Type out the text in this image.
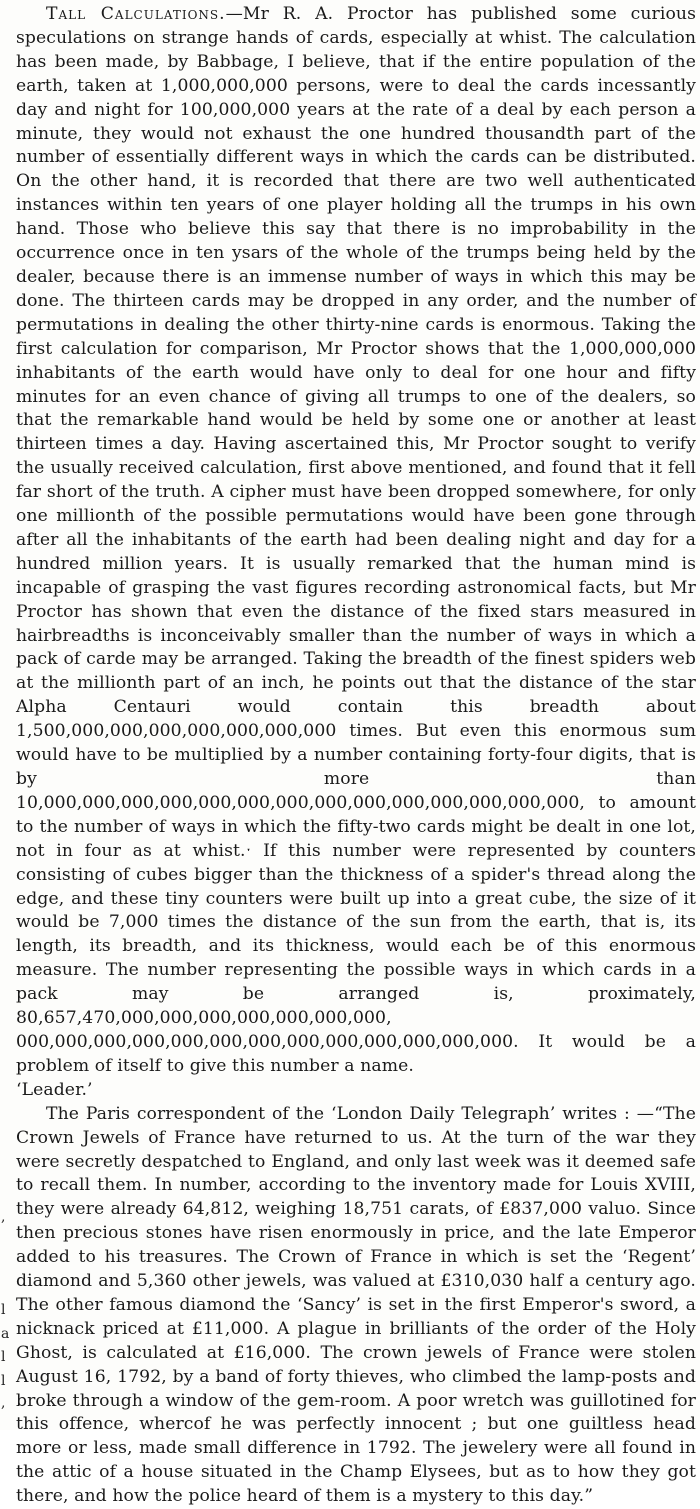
,
l
a
l
l
,

Tall Calculations.—Mr R. A. Proctor has published some curious speculations on strange hands of cards, especially at whist. The calculation has been made, by Babbage, I believe, that if the entire population of the earth, taken at 1,000,000,000 persons, were to deal the cards incessantly day and night for 100,000,000 years at the rate of a deal by each person a minute, they would not exhaust the one hundred thousandth part of the number of essentially different ways in which the cards can be distributed. On the other hand, it is recorded that there are two well authenticated instances within ten years of one player holding all the trumps in his own hand. Those who believe this say that there is no improbability in the occurrence once in ten ysars of the whole of the trumps being held by the dealer, because there is an immense number of ways in which this may be done. The thirteen cards may be dropped in any order, and the number of permutations in dealing the other thirty-nine cards is enormous. Taking the first calculation for comparison, Mr Proctor shows that the 1,000,000,000 inhabitants of the earth would have only to deal for one hour and fifty minutes for an even chance of giving all trumps to one of the dealers, so that the remarkable hand would be held by some one or another at least thirteen times a day. Having ascertained this, Mr Proctor sought to verify the usually received calculation, first above mentioned, and found that it fell far short of the truth. A cipher must have been dropped somewhere, for only one millionth of the possible permutations would have been gone through after all the inhabitants of the earth had been dealing night and day for a hundred million years. It is usually remarked that the human mind is incapable of grasping the vast figures recording astronomical facts, but Mr Proctor has shown that even the distance of the fixed stars measured in hairbreadths is inconceivably smaller than the number of ways in which a pack of carde may be arranged. Taking the breadth of the finest spiders web at the millionth part of an inch, he points out that the distance of the star Alpha Centauri would contain this breadth about 1,500,000,000,000,000,000,000,000 times. But even this enormous sum would have to be multiplied by a number containing forty-four digits, that is by more than 10,000,000,000,000,000,000,000,000,000,000,000,000,000,000, to amount to the number of ways in which the fifty-two cards might be dealt in one lot, not in four as at whist.ˑ If this number were represented by counters consisting of cubes bigger than the thickness of a spider's thread along the edge, and these tiny counters were built up into a great cube, the size of it would be 7,000 times the distance of the sun from the earth, that is, its length, its breadth, and its thickness, would each be of this enormous measure. The number representing the possible ways in which cards in a pack may be arranged is, proximately, 80,657,470,000,000,000,000,000,000,000, 000,000,000,000,000,000,000,000,000,000,000,000,000. It would be a problem of itself to give this number a name.
‘Leader.’

The Paris correspondent of the ‘London Daily Telegraph’ writes : —“The Crown Jewels of France have returned to us. At the turn of the war they were secretly despatched to England, and only last week was it deemed safe to recall them. In number, according to the inventory made for Louis XVIII, they were already 64,812, weighing 18,751 carats, of £837,000 valuo. Since then precious stones have risen enormously in price, and the late Emperor added to his treasures. The Crown of France in which is set the ‘Regent’ diamond and 5,360 other jewels, was valued at £310,030 half a century ago. The other famous diamond the ‘Sancy’ is set in the first Emperor's sword, a nicknack priced at £11,000. A plague in brilliants of the order of the Holy Ghost, is calculated at £16,000. The crown jewels of France were stolen August 16, 1792, by a band of forty thieves, who climbed the lamp-posts and broke through a window of the gem-room. A poor wretch was guillotined for this offence, whercof he was perfectly innocent ; but one guiltless head more or less, made small difference in 1792. The jewelery were all found in the attic of a house situated in the Champ Elysees, but as to how they got there, and how the police heard of them is a mystery to this day.”
